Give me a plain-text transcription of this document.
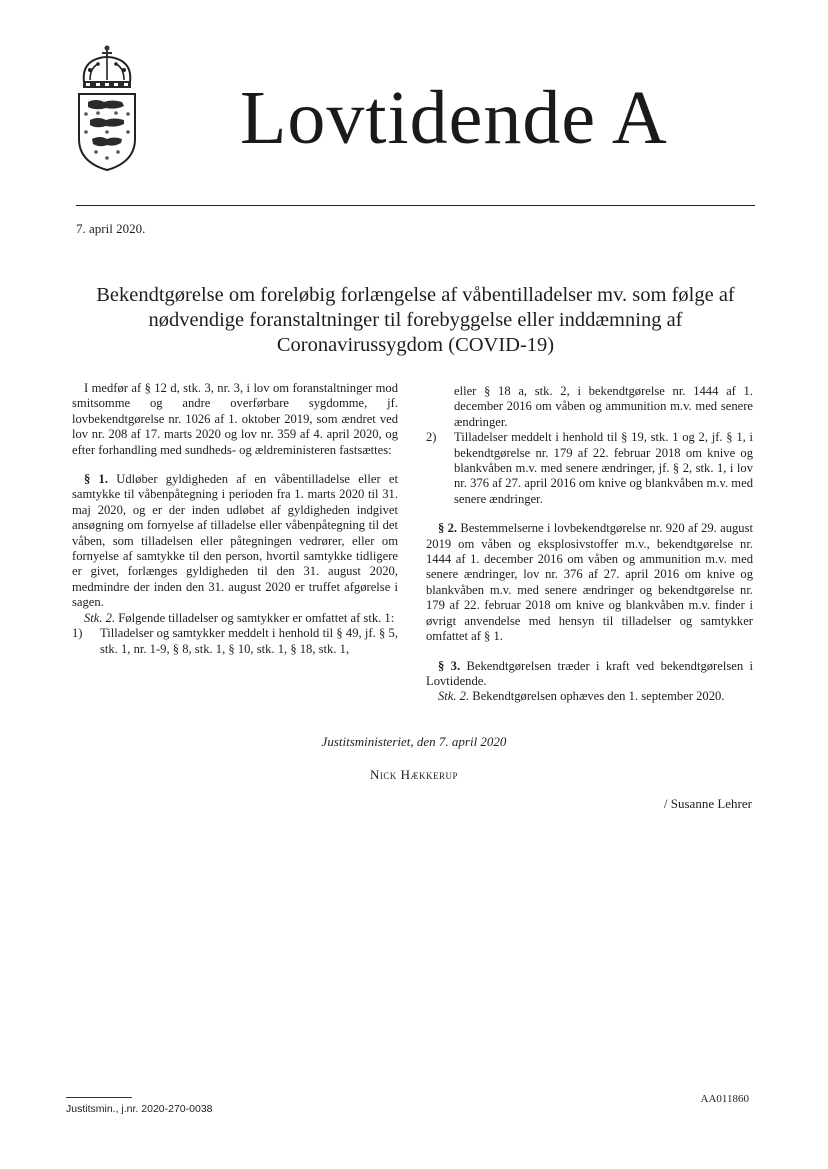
Lovtidende A
7. april 2020.
Bekendtgørelse om foreløbig forlængelse af våbentilladelser mv. som følge af
nødvendige foranstaltninger til forebyggelse eller inddæmning af
Coronavirussygdom (COVID-19)

I medfør af § 12 d, stk. 3, nr. 3, i lov om foranstaltninger mod smitsomme og andre overførbare sygdomme, jf. lovbekendtgørelse nr. 1026 af 1. oktober 2019, som ændret ved lov nr. 208 af 17. marts 2020 og lov nr. 359 af 4. april 2020, og efter forhandling med sundheds- og ældreministeren fastsættes:

§ 1. Udløber gyldigheden af en våbentilladelse eller et samtykke til våbenpåtegning i perioden fra 1. marts 2020 til 31. maj 2020, og er der inden udløbet af gyldigheden indgivet ansøgning om fornyelse af tilladelse eller våbenpåtegning til det våben, som tilladelsen eller påtegningen vedrører, eller om fornyelse af samtykke til den person, hvortil samtykke tidligere er givet, forlænges gyldigheden til den 31. august 2020, medmindre der inden den 31. august 2020 er truffet afgørelse i sagen.

Stk. 2. Følgende tilladelser og samtykker er omfattet af stk. 1:

1)	Tilladelser og samtykker meddelt i henhold til § 49, jf. § 5, stk. 1, nr. 1-9, § 8, stk. 1, § 10, stk. 1, § 18, stk. 1,

eller § 18 a, stk. 2, i bekendtgørelse nr. 1444 af 1. december 2016 om våben og ammunition m.v. med senere ændringer.

2)	Tilladelser meddelt i henhold til § 19, stk. 1 og 2, jf. § 1, i bekendtgørelse nr. 179 af 22. februar 2018 om knive og blankvåben m.v. med senere ændringer, jf. § 2, stk. 1, i lov nr. 376 af 27. april 2016 om knive og blankvåben m.v. med senere ændringer.

§ 2. Bestemmelserne i lovbekendtgørelse nr. 920 af 29. august 2019 om våben og eksplosivstoffer m.v., bekendtgørelse nr. 1444 af 1. december 2016 om våben og ammunition m.v. med senere ændringer, lov nr. 376 af 27. april 2016 om knive og blankvåben m.v. med senere ændringer og bekendtgørelse nr. 179 af 22. februar 2018 om knive og blankvåben m.v. finder i øvrigt anvendelse med hensyn til tilladelser og samtykker omfattet af § 1.

§ 3. Bekendtgørelsen træder i kraft ved bekendtgørelsen i Lovtidende.

Stk. 2. Bekendtgørelsen ophæves den 1. september 2020.

Justitsministeriet, den 7. april 2020
Nick Hækkerup
/ Susanne Lehrer
Justitsmin., j.nr. 2020-270-0038
AA011860
